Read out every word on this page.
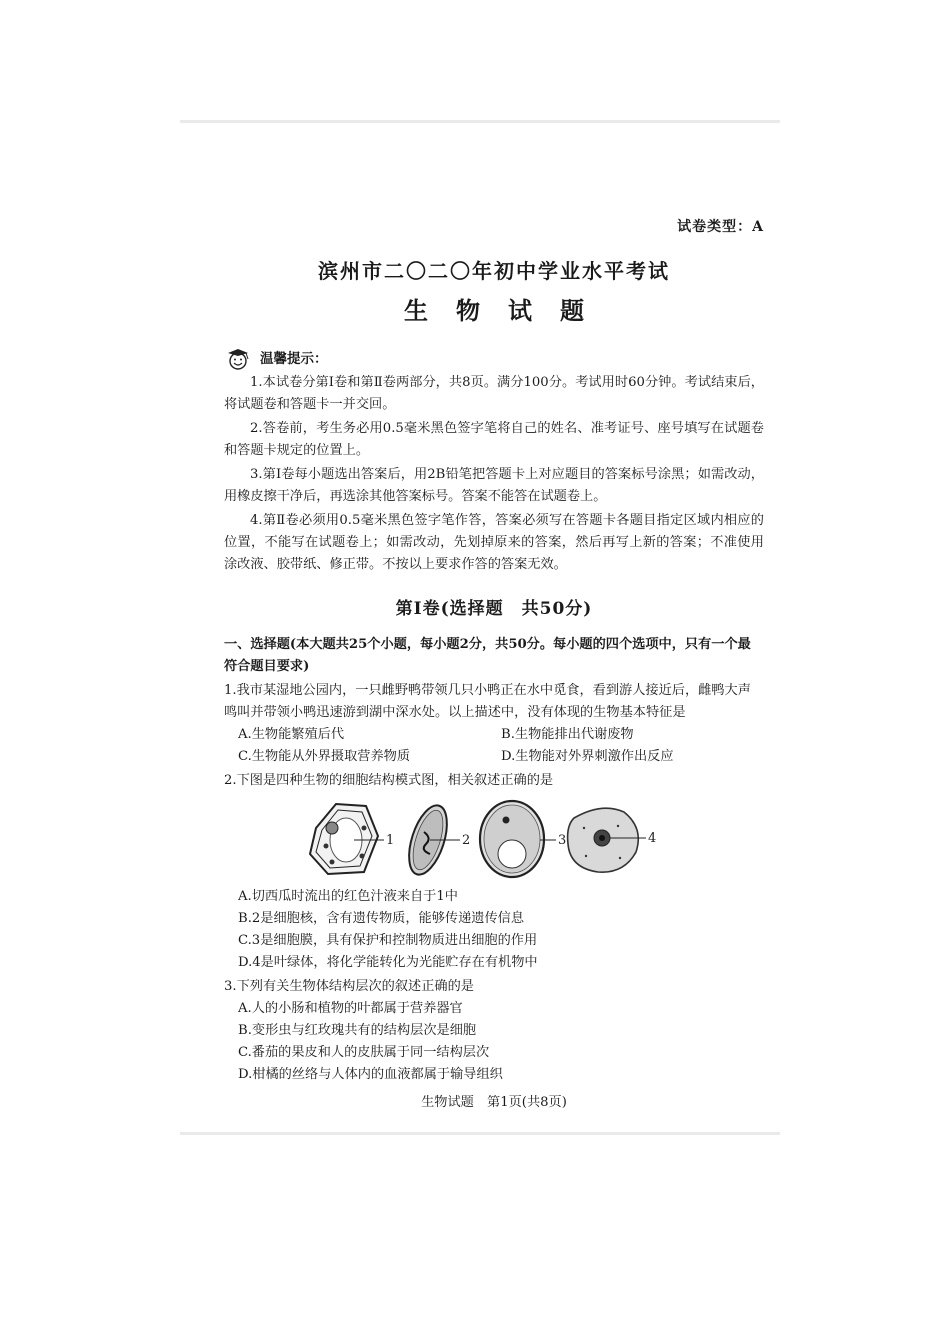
试卷类型：A
滨州市二〇二〇年初中学业水平考试
生物试题
温馨提示：
1.本试卷分第Ⅰ卷和第Ⅱ卷两部分，共8页。满分100分。考试用时60分钟。考试结束后，将试题卷和答题卡一并交回。
2.答卷前，考生务必用0.5毫米黑色签字笔将自己的姓名、准考证号、座号填写在试题卷和答题卡规定的位置上。
3.第Ⅰ卷每小题选出答案后，用2B铅笔把答题卡上对应题目的答案标号涂黑；如需改动，用橡皮擦干净后，再选涂其他答案标号。答案不能答在试题卷上。
4.第Ⅱ卷必须用0.5毫米黑色签字笔作答，答案必须写在答题卡各题目指定区域内相应的位置，不能写在试题卷上；如需改动，先划掉原来的答案，然后再写上新的答案；不准使用涂改液、胶带纸、修正带。不按以上要求作答的答案无效。
第Ⅰ卷(选择题　共50分)
一、选择题(本大题共25个小题，每小题2分，共50分。每小题的四个选项中，只有一个最符合题目要求)
1.我市某湿地公园内，一只雌野鸭带领几只小鸭正在水中觅食，看到游人接近后，雌鸭大声鸣叫并带领小鸭迅速游到湖中深水处。以上描述中，没有体现的生物基本特征是
A.生物能繁殖后代	B.生物能排出代谢废物
C.生物能从外界摄取营养物质	D.生物能对外界刺激作出反应
2.下图是四种生物的细胞结构模式图，相关叙述正确的是
1	2	3	4
A.切西瓜时流出的红色汁液来自于1中
B.2是细胞核，含有遗传物质，能够传递遗传信息
C.3是细胞膜，具有保护和控制物质进出细胞的作用
D.4是叶绿体，将化学能转化为光能贮存在有机物中
3.下列有关生物体结构层次的叙述正确的是
A.人的小肠和植物的叶都属于营养器官
B.变形虫与红玫瑰共有的结构层次是细胞
C.番茄的果皮和人的皮肤属于同一结构层次
D.柑橘的丝络与人体内的血液都属于输导组织
生物试题　第1页(共8页)
